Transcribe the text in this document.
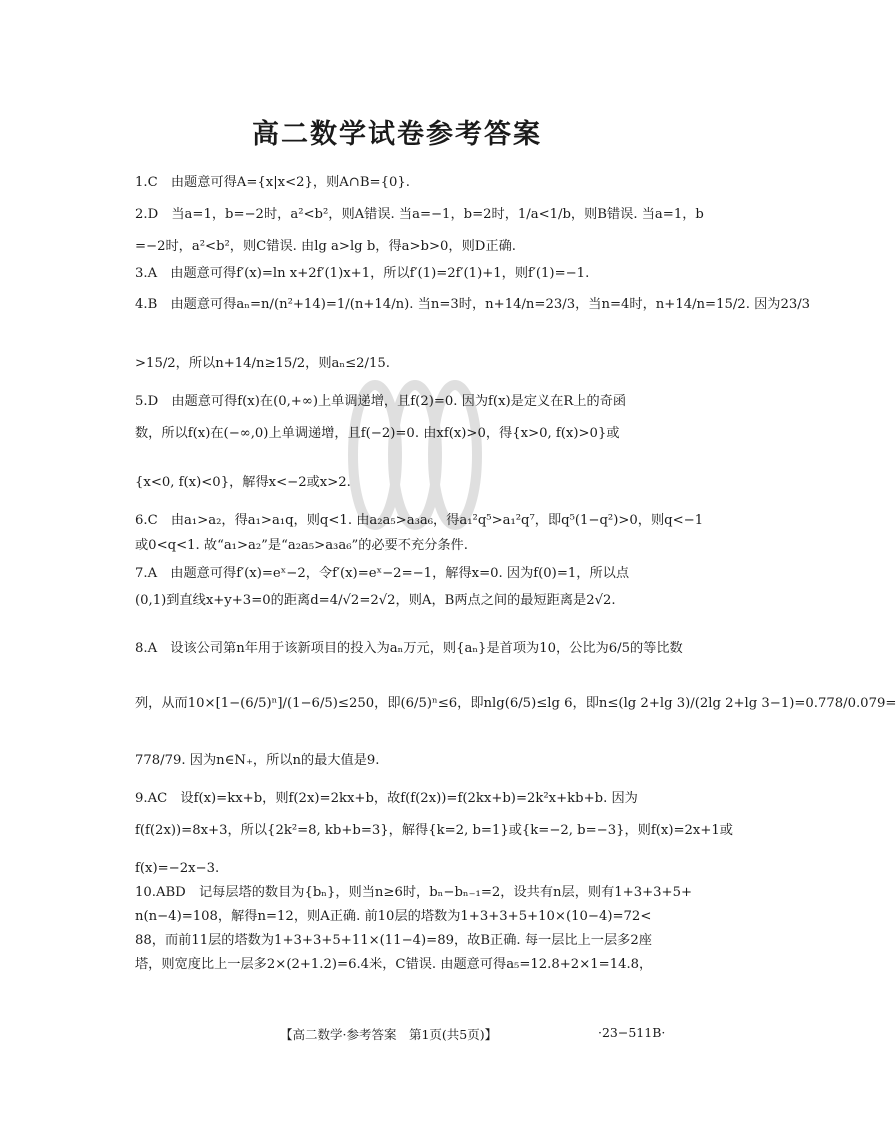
高二数学试卷参考答案
1.C　由题意可得A={x|x<2}，则A∩B={0}.
2.D　当a=1，b=−2时，a²<b²，则A错误. 当a=−1，b=2时，1/a<1/b，则B错误. 当a=1，b
=−2时，a²<b²，则C错误. 由lg a>lg b，得a>b>0，则D正确.
3.A　由题意可得f′(x)=ln x+2f′(1)x+1，所以f′(1)=2f′(1)+1，则f′(1)=−1.
4.B　由题意可得aₙ=n/(n²+14)=1/(n+14/n). 当n=3时，n+14/n=23/3，当n=4时，n+14/n=15/2. 因为23/3
>15/2，所以n+14/n≥15/2，则aₙ≤2/15.
5.D　由题意可得f(x)在(0,+∞)上单调递增，且f(2)=0. 因为f(x)是定义在R上的奇函
数，所以f(x)在(−∞,0)上单调递增，且f(−2)=0. 由xf(x)>0，得{x>0, f(x)>0}或
{x<0, f(x)<0}，解得x<−2或x>2.
6.C　由a₁>a₂，得a₁>a₁q，则q<1. 由a₂a₅>a₃a₆，得a₁²q⁵>a₁²q⁷，即q⁵(1−q²)>0，则q<−1
或0<q<1. 故“a₁>a₂”是“a₂a₅>a₃a₆”的必要不充分条件.
7.A　由题意可得f′(x)=eˣ−2，令f′(x)=eˣ−2=−1，解得x=0. 因为f(0)=1，所以点
(0,1)到直线x+y+3=0的距离d=4/√2=2√2，则A，B两点之间的最短距离是2√2.
8.A　设该公司第n年用于该新项目的投入为aₙ万元，则{aₙ}是首项为10，公比为6/5的等比数
列，从而10×[1−(6/5)ⁿ]/(1−6/5)≤250，即(6/5)ⁿ≤6，即nlg(6/5)≤lg 6，即n≤(lg 2+lg 3)/(2lg 2+lg 3−1)=0.778/0.079=
778/79. 因为n∈N₊，所以n的最大值是9.
9.AC　设f(x)=kx+b，则f(2x)=2kx+b，故f(f(2x))=f(2kx+b)=2k²x+kb+b. 因为
f(f(2x))=8x+3，所以{2k²=8, kb+b=3}，解得{k=2, b=1}或{k=−2, b=−3}，则f(x)=2x+1或
f(x)=−2x−3.
10.ABD　记每层塔的数目为{bₙ}，则当n≥6时，bₙ−bₙ₋₁=2，设共有n层，则有1+3+3+5+
n(n−4)=108，解得n=12，则A正确. 前10层的塔数为1+3+3+5+10×(10−4)=72<
88，而前11层的塔数为1+3+3+5+11×(11−4)=89，故B正确. 每一层比上一层多2座
塔，则宽度比上一层多2×(2+1.2)=6.4米，C错误. 由题意可得a₅=12.8+2×1=14.8，
【高二数学·参考答案　第1页(共5页)】	·23−511B·
